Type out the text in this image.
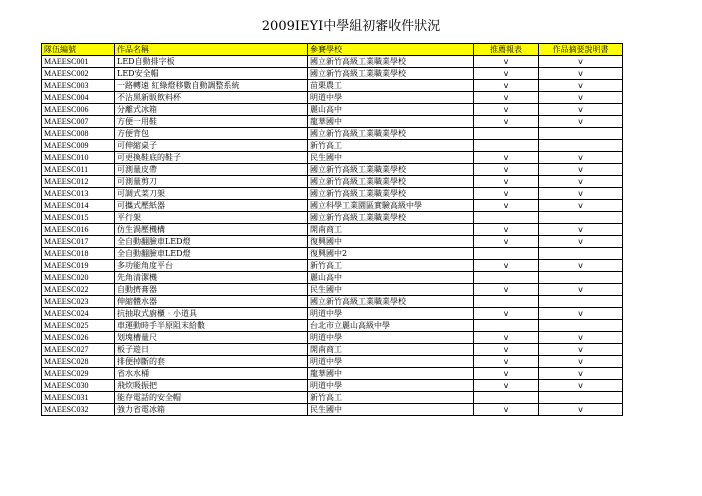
2009IEYI中學組初審收件狀況
隊伍編號	作品名稱	參賽學校	推薦報表	作品摘要說明書
MAEESC001	LED自動排字板	國立新竹高級工業職業學校	v	v
MAEESC002	LED安全帽	國立新竹高級工業職業學校	v	v
MAEESC003	一路轉遠 紅綠燈移數自動調整系統	苗栗農工	v	v
MAEESC004	不沾黑新販飲料杯	明道中學	v	v
MAEESC006	分離式冰箱	麗山高中	v	v
MAEESC007	方便一用鞋	龍華國中	v	v
MAEESC008	方便背包	國立新竹高級工業職業學校		
MAEESC009	可伸縮桌子	新竹高工		
MAEESC010	可更換鞋底的鞋子	民生國中	v	v
MAEESC011	可測量皮帶	國立新竹高級工業職業學校	v	v
MAEESC012	可測量剪刀	國立新竹高級工業職業學校	v	v
MAEESC013	可調式菜刀架	國立新竹高級工業職業學校	v	v
MAEESC014	可攜式壓紙器	國立科學工業園區實驗高級中學	v	v
MAEESC015	平行架	國立新竹高級工業職業學校		
MAEESC016	仿生渦壓機構	開南商工	v	v
MAEESC017	全自動翻臉車LED燈	復興國中	v	v
MAEESC018	全自動翻臉車LED燈	復興國中2		
MAEESC019	多功能角度平台	新竹高工	v	v
MAEESC020	先角清潔機	麗山高中		
MAEESC022	自動擠膏器	民生國中	v	v
MAEESC023	伸縮體水器	國立新竹高級工業職業學校		
MAEESC024	抗抽取式廚櫃‧小道具	明道中學	v	v
MAEESC025	車運動時手半原阻末給數	台北市立麗山高級中學		
MAEESC026	划塊槽量尺	明道中學	v	v
MAEESC027	板子遊日	開南商工	v	v
MAEESC028	排便掉斷的套	明道中學	v	v
MAEESC029	省水水桶	龍華國中	v	v
MAEESC030	飛炊吸振把	明道中學	v	v
MAEESC031	能存電話的安全帽	新竹高工		
MAEESC032	強力省電冰箱	民生國中	v	v
